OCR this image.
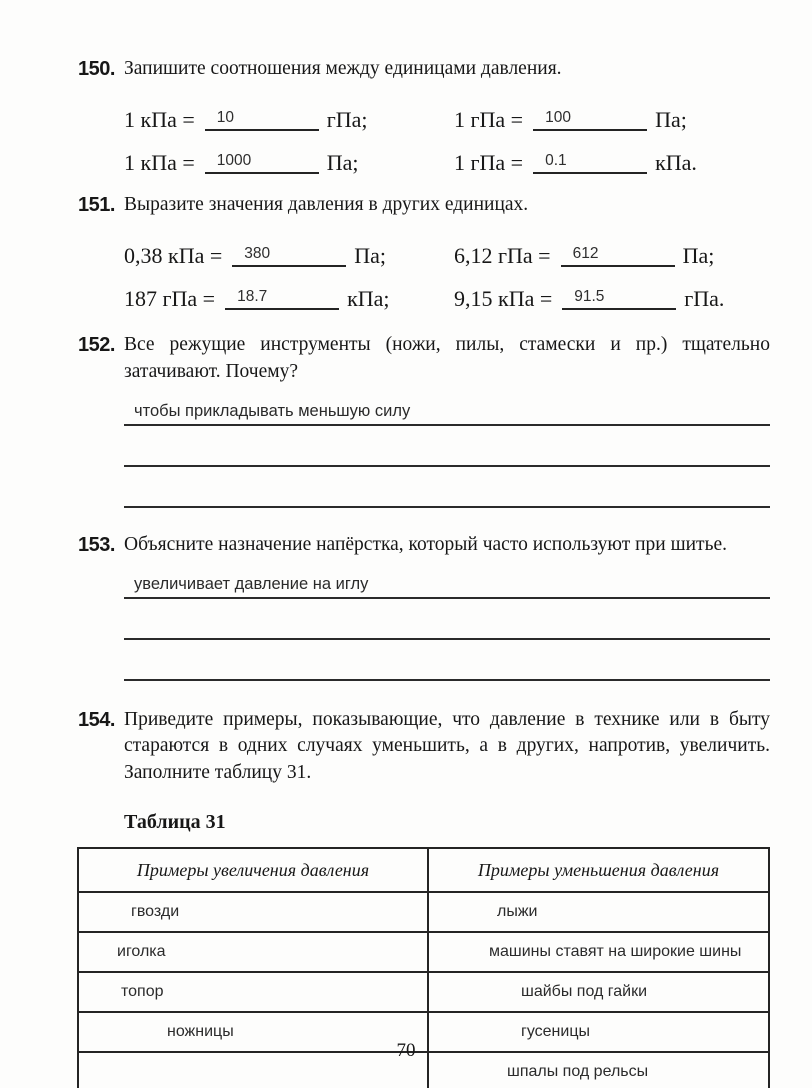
150. Запишите соотношения между единицами давления.

1 кПа = 10	гПа;	1 гПа = 100	Па;
1 кПа = 1000	Па;	1 гПа = 0.1	кПа.
151. Выразите значения давления в других единицах.

0,38 кПа = 380	Па;	6,12 гПа = 612	Па;
187 гПа = 18.7	кПа;	9,15 кПа = 91.5	гПа.
152. Все режущие инструменты (ножи, пилы, стамески и пр.) тщательно затачивают. Почему?

чтобы прикладывать меньшую силу
153. Объясните назначение напёрстка, который часто используют при шитье.

увеличивает давление на иглу
154. Приведите примеры, показывающие, что давление в технике или в быту стараются в одних случаях уменьшить, а в других, напротив, увеличить. Заполните таблицу 31.

Таблица 31
Примеры увеличения давления	Примеры уменьшения давления
гвозди	лыжи
иголка	машины ставят на широкие шины
топор	шайбы под гайки
ножницы	гусеницы
	шпалы под рельсы
70
